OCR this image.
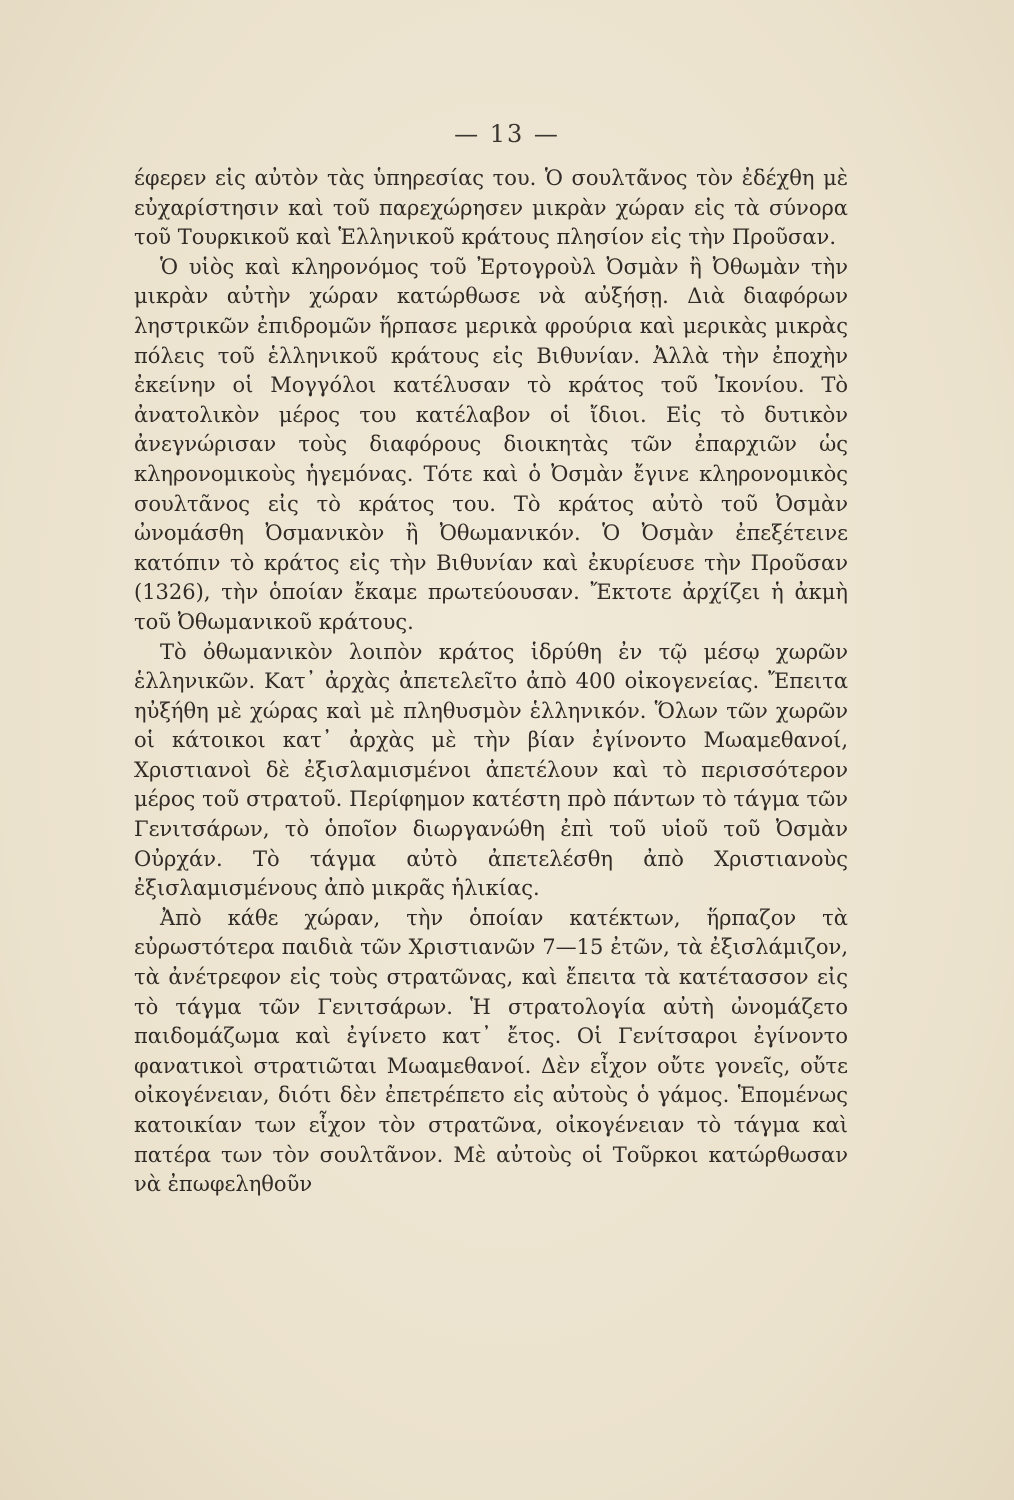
— 13 —

έφερεν εἰς αὐτὸν τὰς ὑπηρεσίας του. Ὁ σουλτᾶνος τὸν ἐδέχθη μὲ εὐχαρίστησιν καὶ τοῦ παρεχώρησεν μικρὰν χώραν εἰς τὰ σύνορα τοῦ Τουρκικοῦ καὶ Ἑλληνικοῦ κράτους πλησίον εἰς τὴν Προῦσαν.

Ὁ υἱὸς καὶ κληρονόμος τοῦ Ἐρτογροὺλ Ὀσμὰν ἢ Ὀθωμὰν τὴν μικρὰν αὐτὴν χώραν κατώρθωσε νὰ αὐξήσῃ. Διὰ διαφόρων ληστρικῶν ἐπιδρομῶν ἥρπασε μερικὰ φρούρια καὶ μερικὰς μικρὰς πόλεις τοῦ ἑλληνικοῦ κράτους εἰς Βιθυνίαν. Ἀλλὰ τὴν ἐποχὴν ἐκείνην οἱ Μογγόλοι κατέλυσαν τὸ κράτος τοῦ Ἰκονίου. Τὸ ἀνατολικὸν μέρος του κατέλαβον οἱ ἴδιοι. Εἰς τὸ δυτικὸν ἀνεγνώρισαν τοὺς διαφόρους διοικητὰς τῶν ἐπαρχιῶν ὡς κληρονομικοὺς ἡγεμόνας. Τότε καὶ ὁ Ὀσμὰν ἔγινε κληρονομικὸς σουλτᾶνος εἰς τὸ κράτος του. Τὸ κράτος αὐτὸ τοῦ Ὀσμὰν ὠνομάσθη Ὀσμανικὸν ἢ Ὀθωμανικόν. Ὁ Ὀσμὰν ἐπεξέτεινε κατόπιν τὸ κράτος εἰς τὴν Βιθυνίαν καὶ ἐκυρίευσε τὴν Προῦσαν (1326), τὴν ὁποίαν ἔκαμε πρωτεύουσαν. Ἔκτοτε ἀρχίζει ἡ ἀκμὴ τοῦ Ὀθωμανικοῦ κράτους.

Τὸ ὀθωμανικὸν λοιπὸν κράτος ἱδρύθη ἐν τῷ μέσῳ χωρῶν ἑλληνικῶν. Κατ᾽ ἀρχὰς ἀπετελεῖτο ἀπὸ 400 οἰκογενείας. Ἔπειτα ηὐξήθη μὲ χώρας καὶ μὲ πληθυσμὸν ἑλληνικόν. Ὅλων τῶν χωρῶν οἱ κάτοικοι κατ᾽ ἀρχὰς μὲ τὴν βίαν ἐγίνοντο Μωαμεθανοί, Χριστιανοὶ δὲ ἐξισλαμισμένοι ἀπετέλουν καὶ τὸ περισσότερον μέρος τοῦ στρατοῦ. Περίφημον κατέστη πρὸ πάντων τὸ τάγμα τῶν Γενιτσάρων, τὸ ὁποῖον διωργανώθη ἐπὶ τοῦ υἱοῦ τοῦ Ὀσμὰν Οὐρχάν. Τὸ τάγμα αὐτὸ ἀπετελέσθη ἀπὸ Χριστιανοὺς ἐξισλαμισμένους ἀπὸ μικρᾶς ἡλικίας.

Ἀπὸ κάθε χώραν, τὴν ὁποίαν κατέκτων, ἥρπαζον τὰ εὐρωστότερα παιδιὰ τῶν Χριστιανῶν 7—15 ἐτῶν, τὰ ἐξισλάμιζον, τὰ ἀνέτρεφον εἰς τοὺς στρατῶνας, καὶ ἔπειτα τὰ κατέτασσον εἰς τὸ τάγμα τῶν Γενιτσάρων. Ἡ στρατολογία αὐτὴ ὠνομάζετο παιδομάζωμα καὶ ἐγίνετο κατ᾽ ἔτος. Οἱ Γενίτσαροι ἐγίνοντο φανατικοὶ στρατιῶται Μωαμεθανοί. Δὲν εἶχον οὔτε γονεῖς, οὔτε οἰκογένειαν, διότι δὲν ἐπετρέπετο εἰς αὐτοὺς ὁ γάμος. Ἑπομένως κατοικίαν των εἶχον τὸν στρατῶνα, οἰκογένειαν τὸ τάγμα καὶ πατέρα των τὸν σουλτᾶνον. Μὲ αὐτοὺς οἱ Τοῦρκοι κατώρθωσαν νὰ ἐπωφεληθοῦν
